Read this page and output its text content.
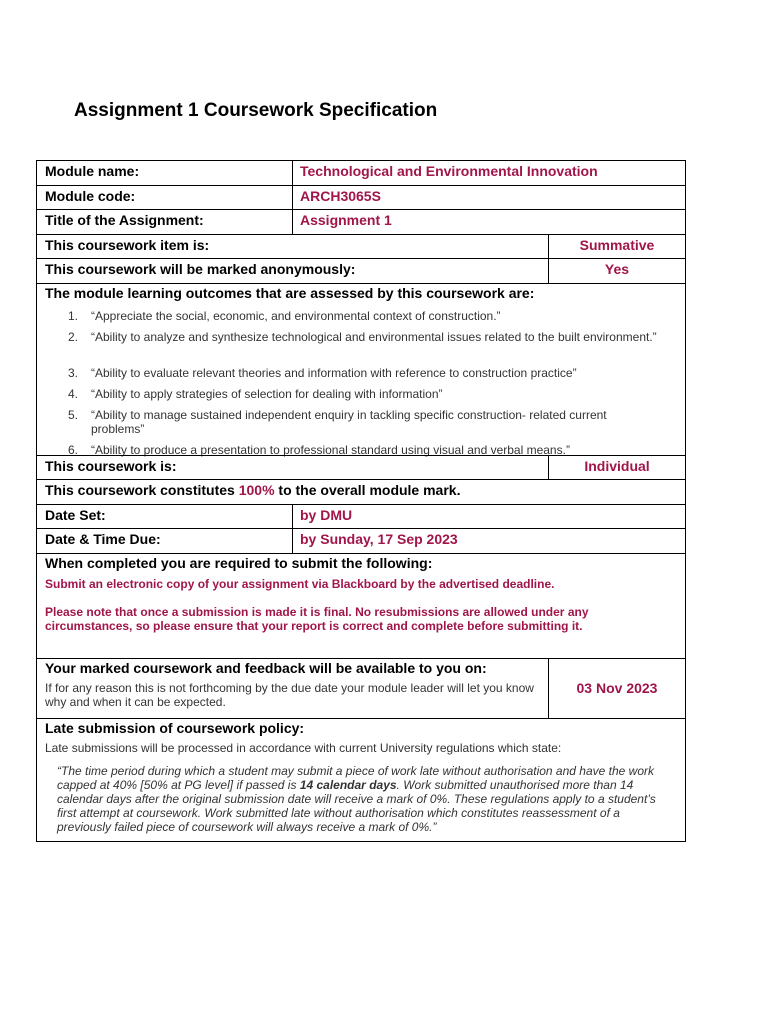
Assignment 1 Coursework Specification
Module name:	Technological and Environmental Innovation
Module code:	ARCH3065S
Title of the Assignment:	Assignment 1
This coursework item is:	Summative
This coursework will be marked anonymously:	Yes
The module learning outcomes that are assessed by this coursework are:
1. “Appreciate the social, economic, and environmental context of construction.”
2. “Ability to analyze and synthesize technological and environmental issues related to the built environment.”
3. “Ability to evaluate relevant theories and information with reference to construction practice”
4. “Ability to apply strategies of selection for dealing with information”
5. “Ability to manage sustained independent enquiry in tackling specific construction- related current problems”
6. “Ability to produce a presentation to professional standard using visual and verbal means.”
This coursework is:	Individual
This coursework constitutes 100% to the overall module mark.
Date Set:	by DMU
Date & Time Due:	by Sunday, 17 Sep 2023
When completed you are required to submit the following:
Submit an electronic copy of your assignment via Blackboard by the advertised deadline.
Please note that once a submission is made it is final. No resubmissions are allowed under any circumstances, so please ensure that your report is correct and complete before submitting it.
Your marked coursework and feedback will be available to you on:
If for any reason this is not forthcoming by the due date your module leader will let you know why and when it can be expected.
03 Nov 2023
Late submission of coursework policy:
Late submissions will be processed in accordance with current University regulations which state:
“The time period during which a student may submit a piece of work late without authorisation and have the work capped at 40% [50% at PG level] if passed is 14 calendar days. Work submitted unauthorised more than 14 calendar days after the original submission date will receive a mark of 0%. These regulations apply to a student’s first attempt at coursework. Work submitted late without authorisation which constitutes reassessment of a previously failed piece of coursework will always receive a mark of 0%.”
